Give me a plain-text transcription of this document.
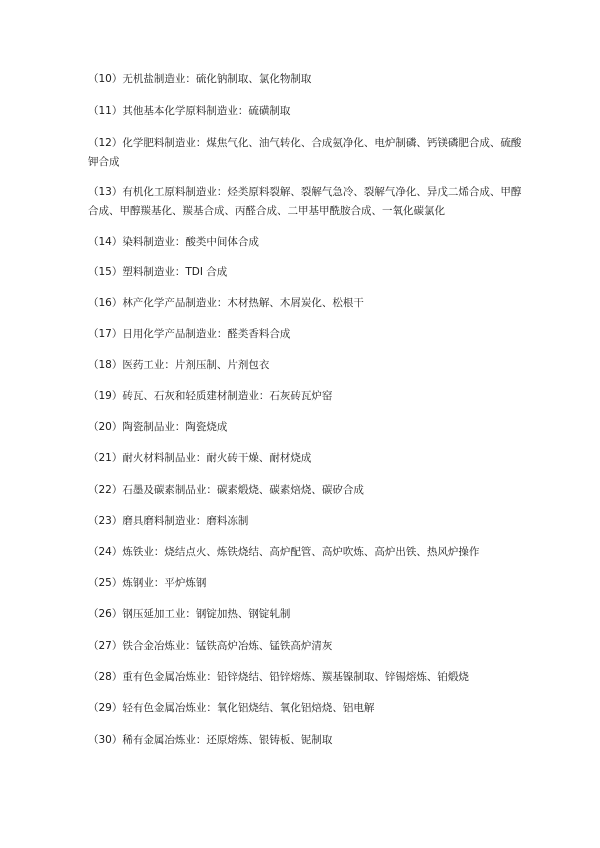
（10）无机盐制造业：硫化钠制取、氯化物制取
（11）其他基本化学原料制造业：硫磺制取
（12）化学肥料制造业：煤焦气化、油气转化、合成氨净化、电炉制磷、钙镁磷肥合成、硫酸钾合成
（13）有机化工原料制造业：烃类原料裂解、裂解气急冷、裂解气净化、异戊二烯合成、甲醇合成、甲醇羰基化、羰基合成、丙醛合成、二甲基甲酰胺合成、一氧化碳氯化
（14）染料制造业：酸类中间体合成
（15）塑料制造业：TDI 合成
（16）林产化学产品制造业：木材热解、木屑炭化、松根干
（17）日用化学产品制造业：醛类香料合成
（18）医药工业：片剂压制、片剂包衣
（19）砖瓦、石灰和轻质建材制造业：石灰砖瓦炉窑
（20）陶瓷制品业：陶瓷烧成
（21）耐火材料制品业：耐火砖干燥、耐材烧成
（22）石墨及碳素制品业：碳素煅烧、碳素焙烧、碳矽合成
（23）磨具磨料制造业：磨料冻制
（24）炼铁业：烧结点火、炼铁烧结、高炉配管、高炉吹炼、高炉出铁、热风炉操作
（25）炼钢业：平炉炼钢
（26）钢压延加工业：钢锭加热、钢锭轧制
（27）铁合金冶炼业：锰铁高炉冶炼、锰铁高炉清灰
（28）重有色金属冶炼业：铅锌烧结、铅锌熔炼、羰基镍制取、锌锡熔炼、铂煅烧
（29）轻有色金属冶炼业：氧化铝烧结、氧化铝焙烧、铝电解
（30）稀有金属冶炼业：还原熔炼、银铸板、铌制取
